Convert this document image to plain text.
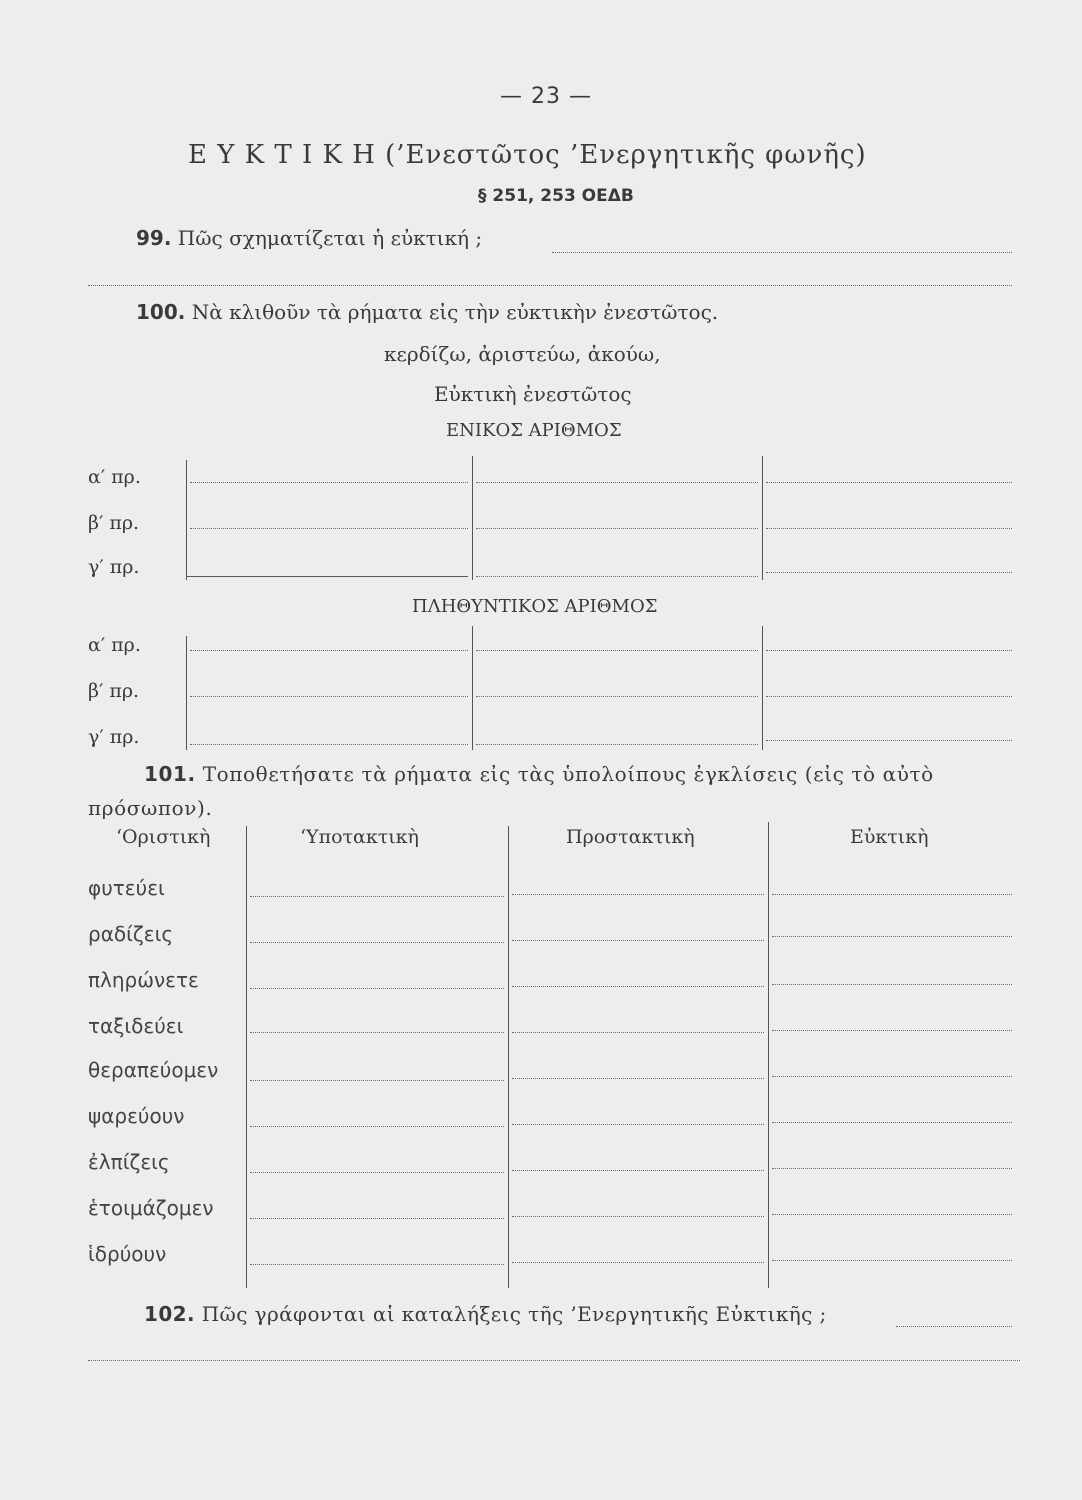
— 23 —
Ε Υ Κ Τ Ι Κ Η (’Ενεστῶτος ’Ενεργητικῆς φωνῆς)
§ 251, 253 ΟΕΔΒ
99. Πῶς σχηματίζεται ἡ εὐκτική ;
100. Νὰ κλιθοῦν τὰ ρήματα εἰς τὴν εὐκτικὴν ἐνεστῶτος.
κερδίζω, ἀριστεύω, ἀκούω,
Εὐκτικὴ ἐνεστῶτος
ΕΝΙΚΟΣ ΑΡΙΘΜΟΣ
α′ πρ.
β′ πρ.
γ′ πρ.
ΠΛΗΘΥΝΤΙΚΟΣ ΑΡΙΘΜΟΣ
α′ πρ.
β′ πρ.
γ′ πρ.
101. Τοποθετήσατε τὰ ρήματα εἰς τὰς ὑπολοίπους ἐγκλίσεις (εἰς τὸ αὐτὸ
πρόσωπον).
‘Οριστικὴ	‘Υποτακτικὴ	Προστακτικὴ	Εὐκτικὴ
φυτεύει
ραδίζεις
πληρώνετε
ταξιδεύει
θεραπεύομεν
ψαρεύουν
ἐλπίζεις
ἑτοιμάζομεν
ἱδρύουν
102. Πῶς γράφονται αἱ καταλήξεις τῆς ’Ενεργητικῆς Εὐκτικῆς ;
